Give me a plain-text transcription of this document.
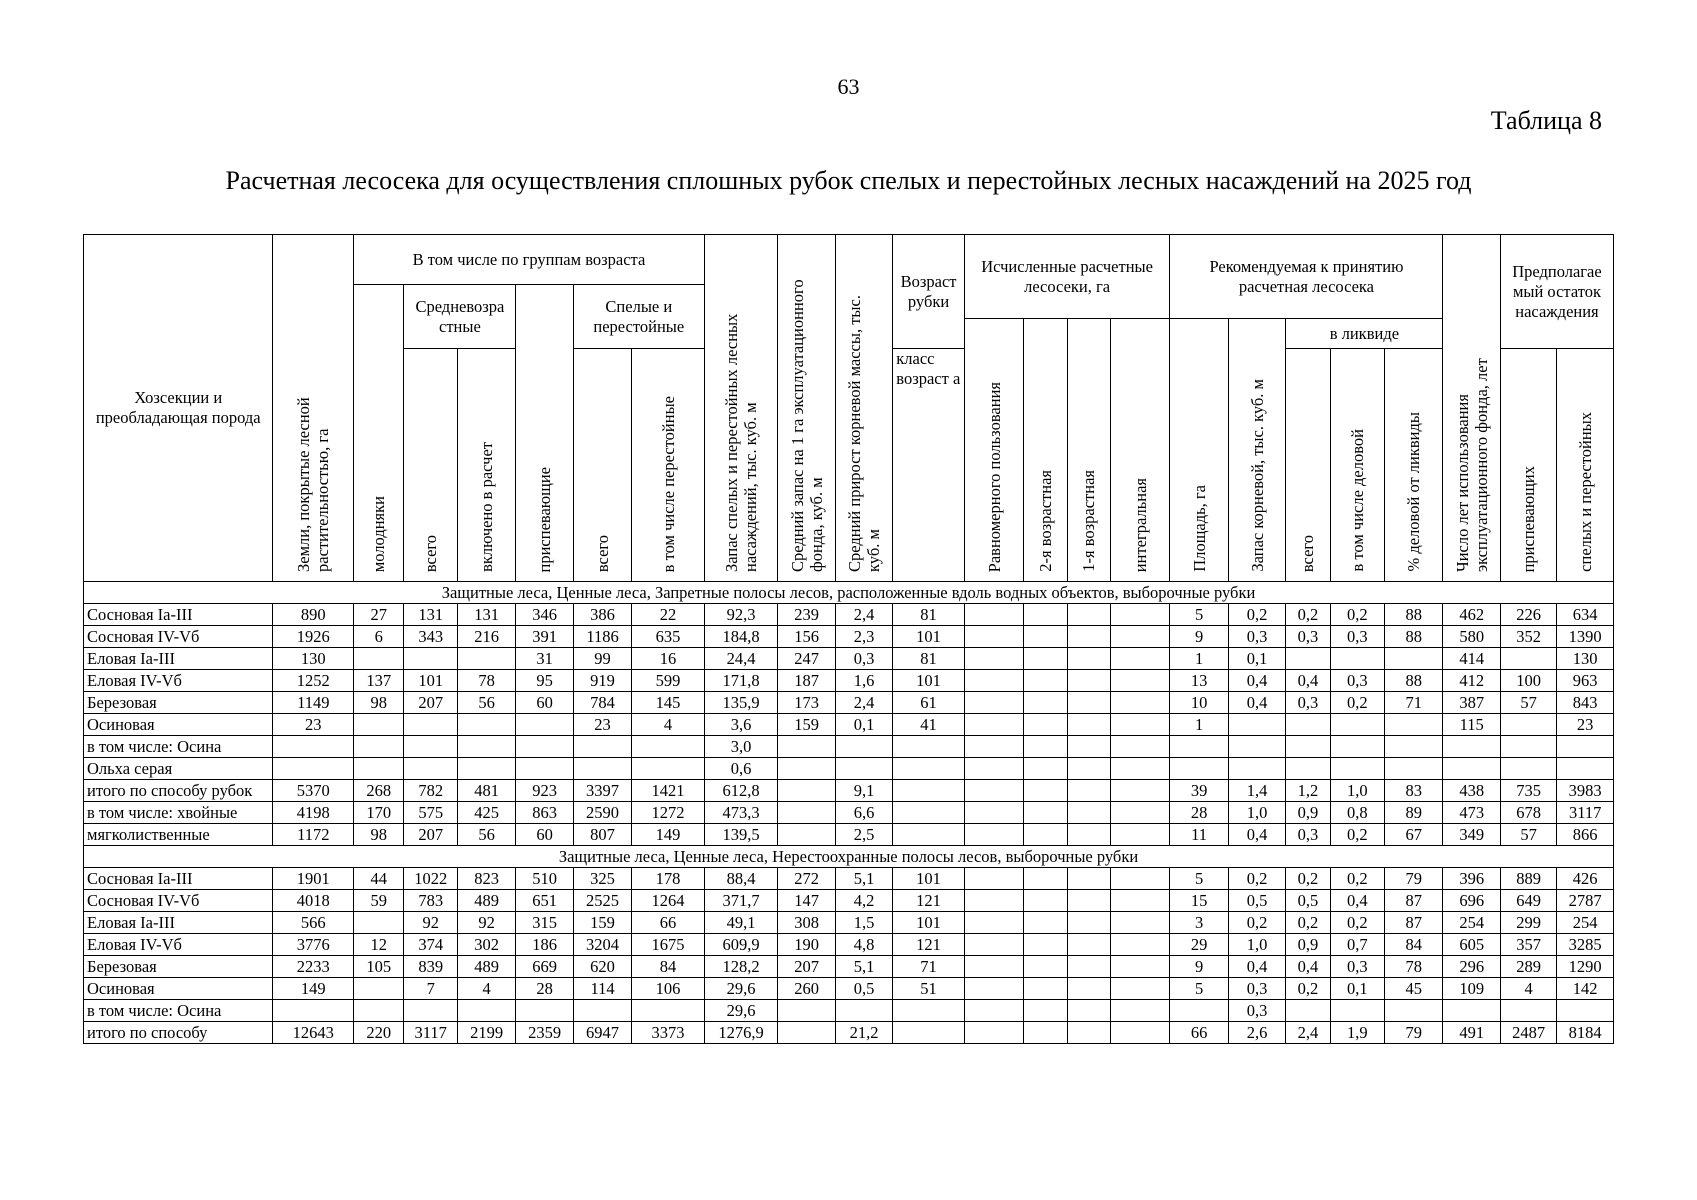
63
Таблица 8
Расчетная лесосека для осуществления сплошных рубок спелых и перестойных лесных насаждений на 2025 год
Хозсекции и преобладающая порода	Земли, покрытые лесной растительностью, га	В том числе по группам возраста						Запас спелых и перестойных лесных насаждений, тыс. куб. м	Средний запас на 1 га эксплуатационного фонда, куб. м	Средний прирост корневой массы, тыс. куб. м	Возраст рубки	Исчисленные расчетные лесосеки, га				Рекомендуемая к принятию расчетная лесосека					Число лет использования эксплуатационного фонда, лет	Предполагае мый остаток насаждения	
		молодняки	Средневозра стные		приспевающие	Спелые и перестойные																	
												Равномерного пользования	2-я возрастная	1-я возрастная	интегральная	Площадь, га	Запас корневой, тыс. куб. м	в ликвиде					
			всего	включено в расчет		всего	в том числе перестойные				класс возраст а							всего	в том числе деловой	% деловой от ликвиды		приспевающих	спелых и перестойных

Защитные леса, Ценные леса, Запретные полосы лесов, расположенные вдоль водных объектов, выборочные рубки																							
Сосновая Ia-III	890	27	131	131	346	386	22	92,3	239	2,4	81					5	0,2	0,2	0,2	88	462	226	634
Сосновая IV-Vб	1926	6	343	216	391	1186	635	184,8	156	2,3	101					9	0,3	0,3	0,3	88	580	352	1390
Еловая Ia-III	130				31	99	16	24,4	247	0,3	81					1	0,1				414		130
Еловая IV-Vб	1252	137	101	78	95	919	599	171,8	187	1,6	101					13	0,4	0,4	0,3	88	412	100	963
Березовая	1149	98	207	56	60	784	145	135,9	173	2,4	61					10	0,4	0,3	0,2	71	387	57	843
Осиновая	23					23	4	3,6	159	0,1	41					1					115		23
в том числе: Осина								3,0															
Ольха серая								0,6															
итого по способу рубок	5370	268	782	481	923	3397	1421	612,8		9,1						39	1,4	1,2	1,0	83	438	735	3983
в том числе: хвойные	4198	170	575	425	863	2590	1272	473,3		6,6						28	1,0	0,9	0,8	89	473	678	3117
мягколиственные	1172	98	207	56	60	807	149	139,5		2,5						11	0,4	0,3	0,2	67	349	57	866
Защитные леса, Ценные леса, Нерестоохранные полосы лесов, выборочные рубки																							
Сосновая Ia-III	1901	44	1022	823	510	325	178	88,4	272	5,1	101					5	0,2	0,2	0,2	79	396	889	426
Сосновая IV-Vб	4018	59	783	489	651	2525	1264	371,7	147	4,2	121					15	0,5	0,5	0,4	87	696	649	2787
Еловая Ia-III	566		92	92	315	159	66	49,1	308	1,5	101					3	0,2	0,2	0,2	87	254	299	254
Еловая IV-Vб	3776	12	374	302	186	3204	1675	609,9	190	4,8	121					29	1,0	0,9	0,7	84	605	357	3285
Березовая	2233	105	839	489	669	620	84	128,2	207	5,1	71					9	0,4	0,4	0,3	78	296	289	1290
Осиновая	149		7	4	28	114	106	29,6	260	0,5	51					5	0,3	0,2	0,1	45	109	4	142
в том числе: Осина								29,6									0,3						
итого по способу	12643	220	3117	2199	2359	6947	3373	1276,9		21,2						66	2,6	2,4	1,9	79	491	2487	8184
